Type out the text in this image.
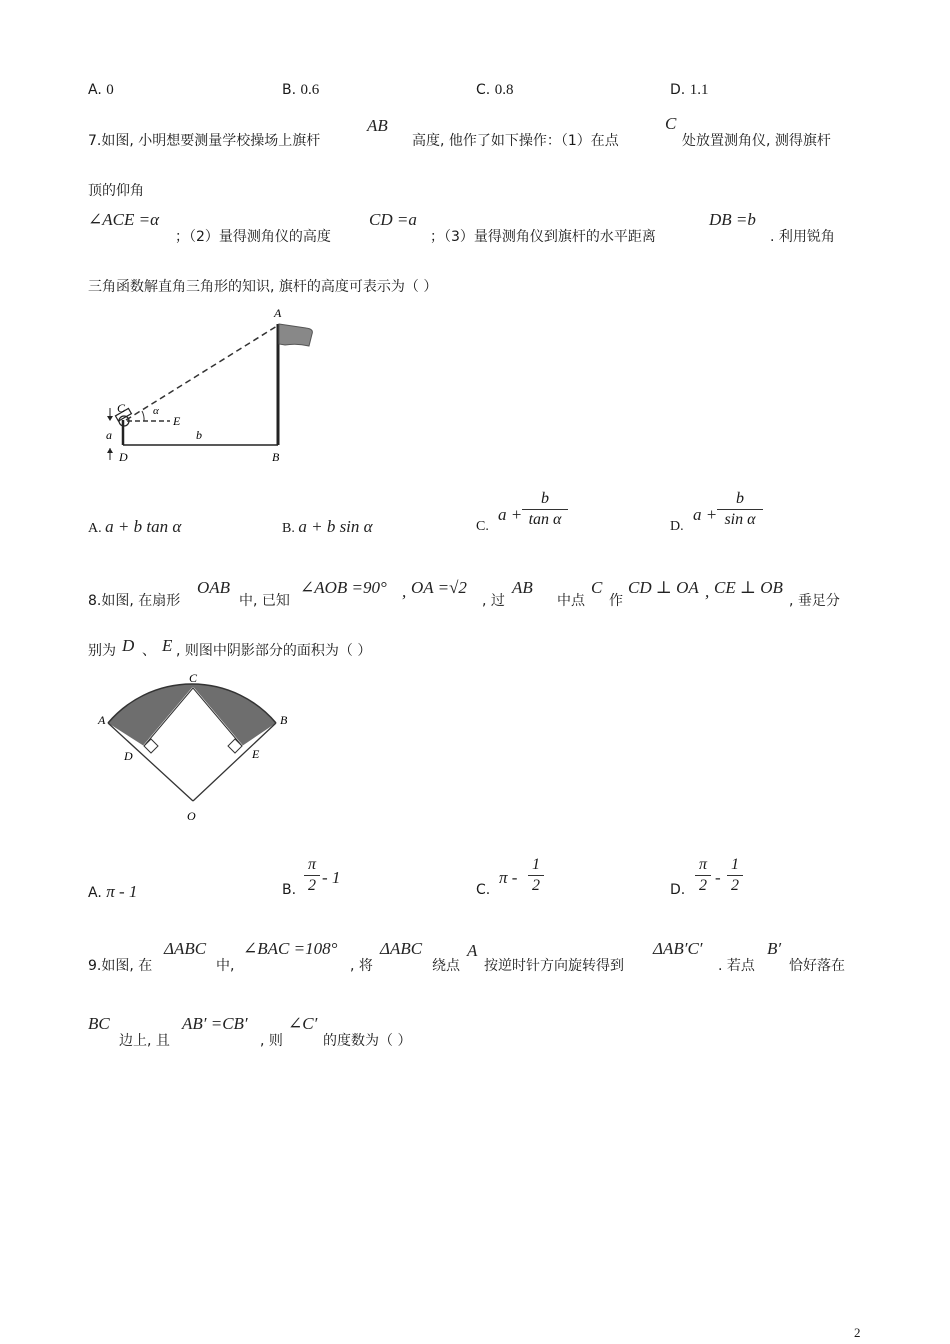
A. 0	B. 0.6	C. 0.8	D. 1.1
7.如图, 小明想要测量学校操场上旗杆
AB
高度, 他作了如下操作：（1）在点
C
处放置测角仪, 测得旗杆
顶的仰角
∠ACE =α
；（2）量得测角仪的高度
CD =a
；（3）量得测角仪到旗杆的水平距离
DB =b
. 利用锐角
三角函数解直角三角形的知识, 旗杆的高度可表示为（ ）
A
B
C
D
E
a	b
α
A. a + b tan α	B. a + b sin α	C.
a +
b
tan α	D.
a +
b
sin α
8.如图, 在扇形
OAB
中, 已知
∠AOB =90° , OA =√2
, 过
AB
中点
C
作
CD ⊥ OA , CE ⊥ OB
, 垂足分
别为 D 、 E , 则图中阴影部分的面积为（ ）
C
A	B
D	E
O
A. π - 1	B.
π
2 - 1
C.
π -
1
2	D.
π
2 -
1
2
9.如图, 在
ΔABC
中,
∠BAC =108°
, 将
ΔABC
绕点
A
按逆时针方向旋转得到
ΔAB′C′
. 若点
B′
恰好落在
BC
边上, 且
AB′ =CB′
, 则
∠C′
的度数为（ ）
2
